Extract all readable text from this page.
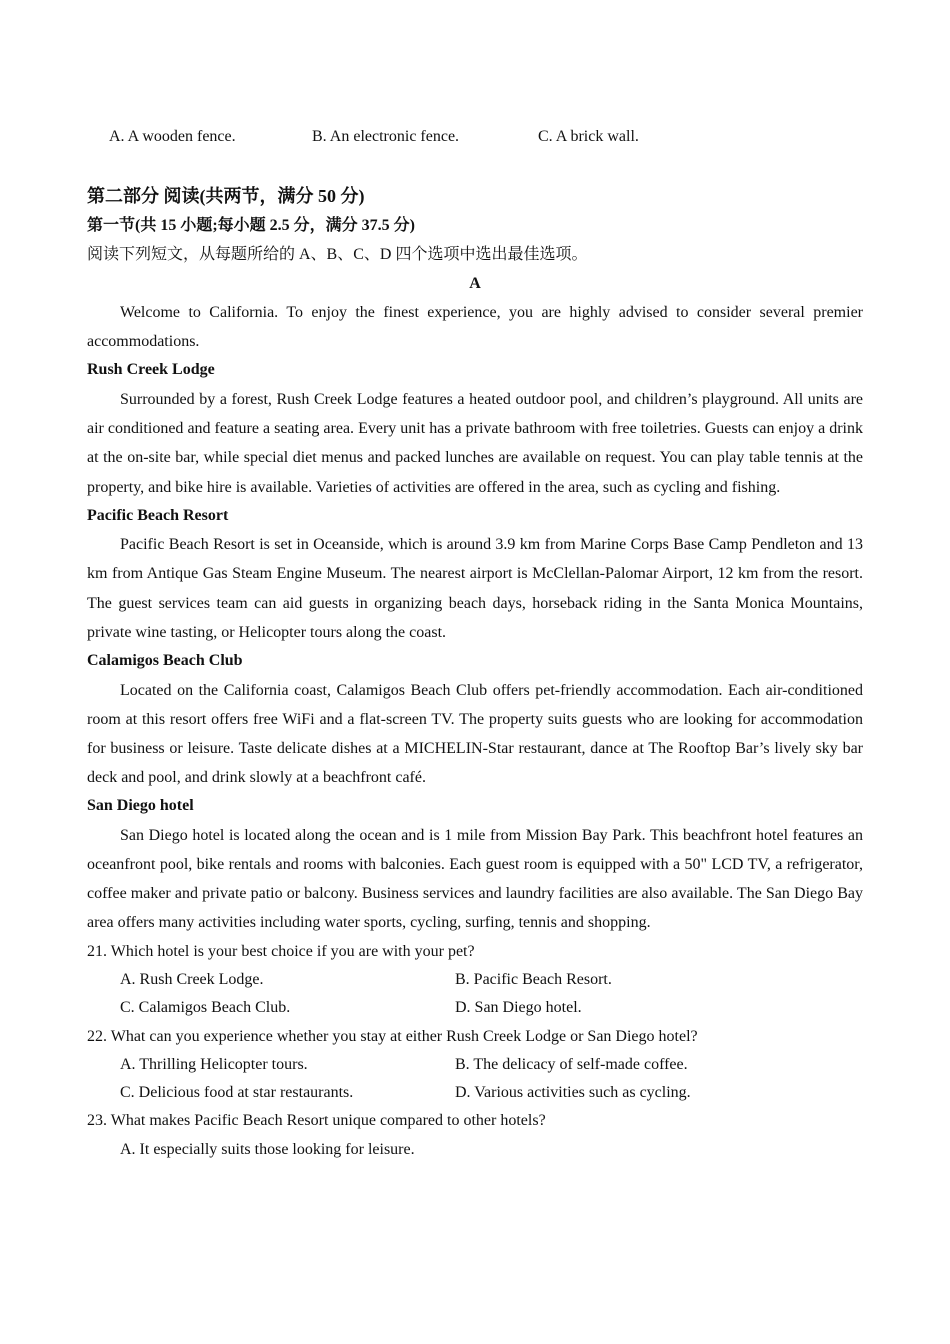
A. A wooden fence.	B. An electronic fence.	C. A brick wall.
第二部分 阅读(共两节，满分 50 分)
第一节(共 15 小题;每小题 2.5 分，满分 37.5 分)
阅读下列短文，从每题所给的 A、B、C、D 四个选项中选出最佳选项。
A

Welcome to California. To enjoy the finest experience, you are highly advised to consider several premier accommodations.

Rush Creek Lodge

Surrounded by a forest, Rush Creek Lodge features a heated outdoor pool, and children’s playground. All units are air conditioned and feature a seating area. Every unit has a private bathroom with free toiletries. Guests can enjoy a drink at the on-site bar, while special diet menus and packed lunches are available on request. You can play table tennis at the property, and bike hire is available. Varieties of activities are offered in the area, such as cycling and fishing.

Pacific Beach Resort

Pacific Beach Resort is set in Oceanside, which is around 3.9 km from Marine Corps Base Camp Pendleton and 13 km from Antique Gas Steam Engine Museum. The nearest airport is McClellan-Palomar Airport, 12 km from the resort. The guest services team can aid guests in organizing beach days, horseback riding in the Santa Monica Mountains, private wine tasting, or Helicopter tours along the coast.

Calamigos Beach Club

Located on the California coast, Calamigos Beach Club offers pet-friendly accommodation. Each air-conditioned room at this resort offers free WiFi and a flat-screen TV. The property suits guests who are looking for accommodation for business or leisure. Taste delicate dishes at a MICHELIN-Star restaurant, dance at The Rooftop Bar’s lively sky bar deck and pool, and drink slowly at a beachfront café.

San Diego hotel

San Diego hotel is located along the ocean and is 1 mile from Mission Bay Park. This beachfront hotel features an oceanfront pool, bike rentals and rooms with balconies. Each guest room is equipped with a 50" LCD TV, a refrigerator, coffee maker and private patio or balcony. Business services and laundry facilities are also available. The San Diego Bay area offers many activities including water sports, cycling, surfing, tennis and shopping.

21. Which hotel is your best choice if you are with your pet?
A. Rush Creek Lodge.	B. Pacific Beach Resort.
C. Calamigos Beach Club.	D. San Diego hotel.
22. What can you experience whether you stay at either Rush Creek Lodge or San Diego hotel?
A. Thrilling Helicopter tours.	B. The delicacy of self-made coffee.
C. Delicious food at star restaurants.	D. Various activities such as cycling.
23. What makes Pacific Beach Resort unique compared to other hotels?
A. It especially suits those looking for leisure.
